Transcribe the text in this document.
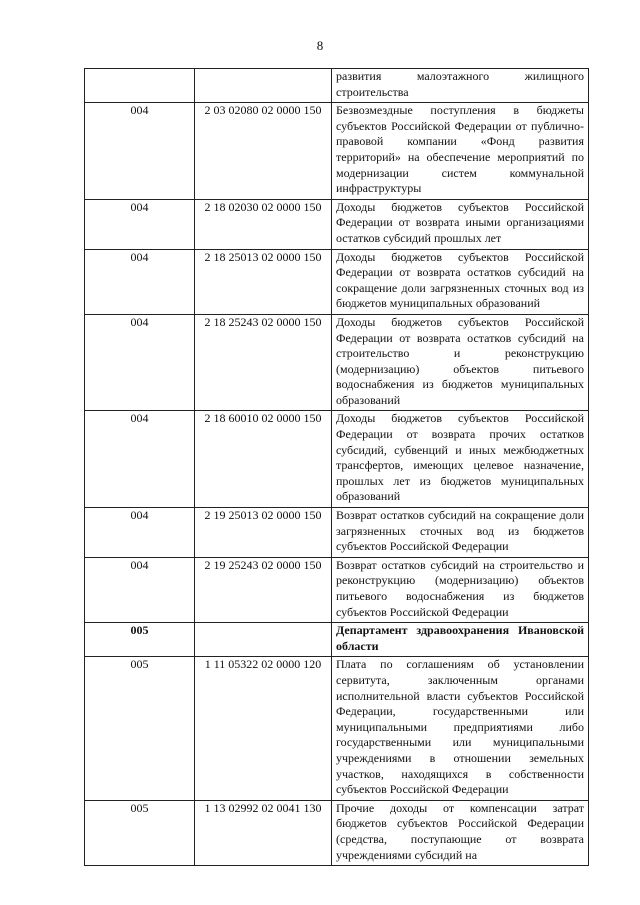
8
		развития малоэтажного жилищного строительства
004	2 03 02080 02 0000 150	Безвозмездные поступления в бюджеты субъектов Российской Федерации от публично-правовой компании «Фонд развития территорий» на обеспечение мероприятий по модернизации систем коммунальной инфраструктуры
004	2 18 02030 02 0000 150	Доходы бюджетов субъектов Российской Федерации от возврата иными организациями остатков субсидий прошлых лет
004	2 18 25013 02 0000 150	Доходы бюджетов субъектов Российской Федерации от возврата остатков субсидий на сокращение доли загрязненных сточных вод из бюджетов муниципальных образований
004	2 18 25243 02 0000 150	Доходы бюджетов субъектов Российской Федерации от возврата остатков субсидий на строительство и реконструкцию (модернизацию) объектов питьевого водоснабжения из бюджетов муниципальных образований
004	2 18 60010 02 0000 150	Доходы бюджетов субъектов Российской Федерации от возврата прочих остатков субсидий, субвенций и иных межбюджетных трансфертов, имеющих целевое назначение, прошлых лет из бюджетов муниципальных образований
004	2 19 25013 02 0000 150	Возврат остатков субсидий на сокращение доли загрязненных сточных вод из бюджетов субъектов Российской Федерации
004	2 19 25243 02 0000 150	Возврат остатков субсидий на строительство и реконструкцию (модернизацию) объектов питьевого водоснабжения из бюджетов субъектов Российской Федерации
005		Департамент здравоохранения Ивановской области
005	1 11 05322 02 0000 120	Плата по соглашениям об установлении сервитута, заключенным органами исполнительной власти субъектов Российской Федерации, государственными или муниципальными предприятиями либо государственными или муниципальными учреждениями в отношении земельных участков, находящихся в собственности субъектов Российской Федерации
005	1 13 02992 02 0041 130	Прочие доходы от компенсации затрат бюджетов субъектов Российской Федерации (средства, поступающие от возврата учреждениями субсидий на
